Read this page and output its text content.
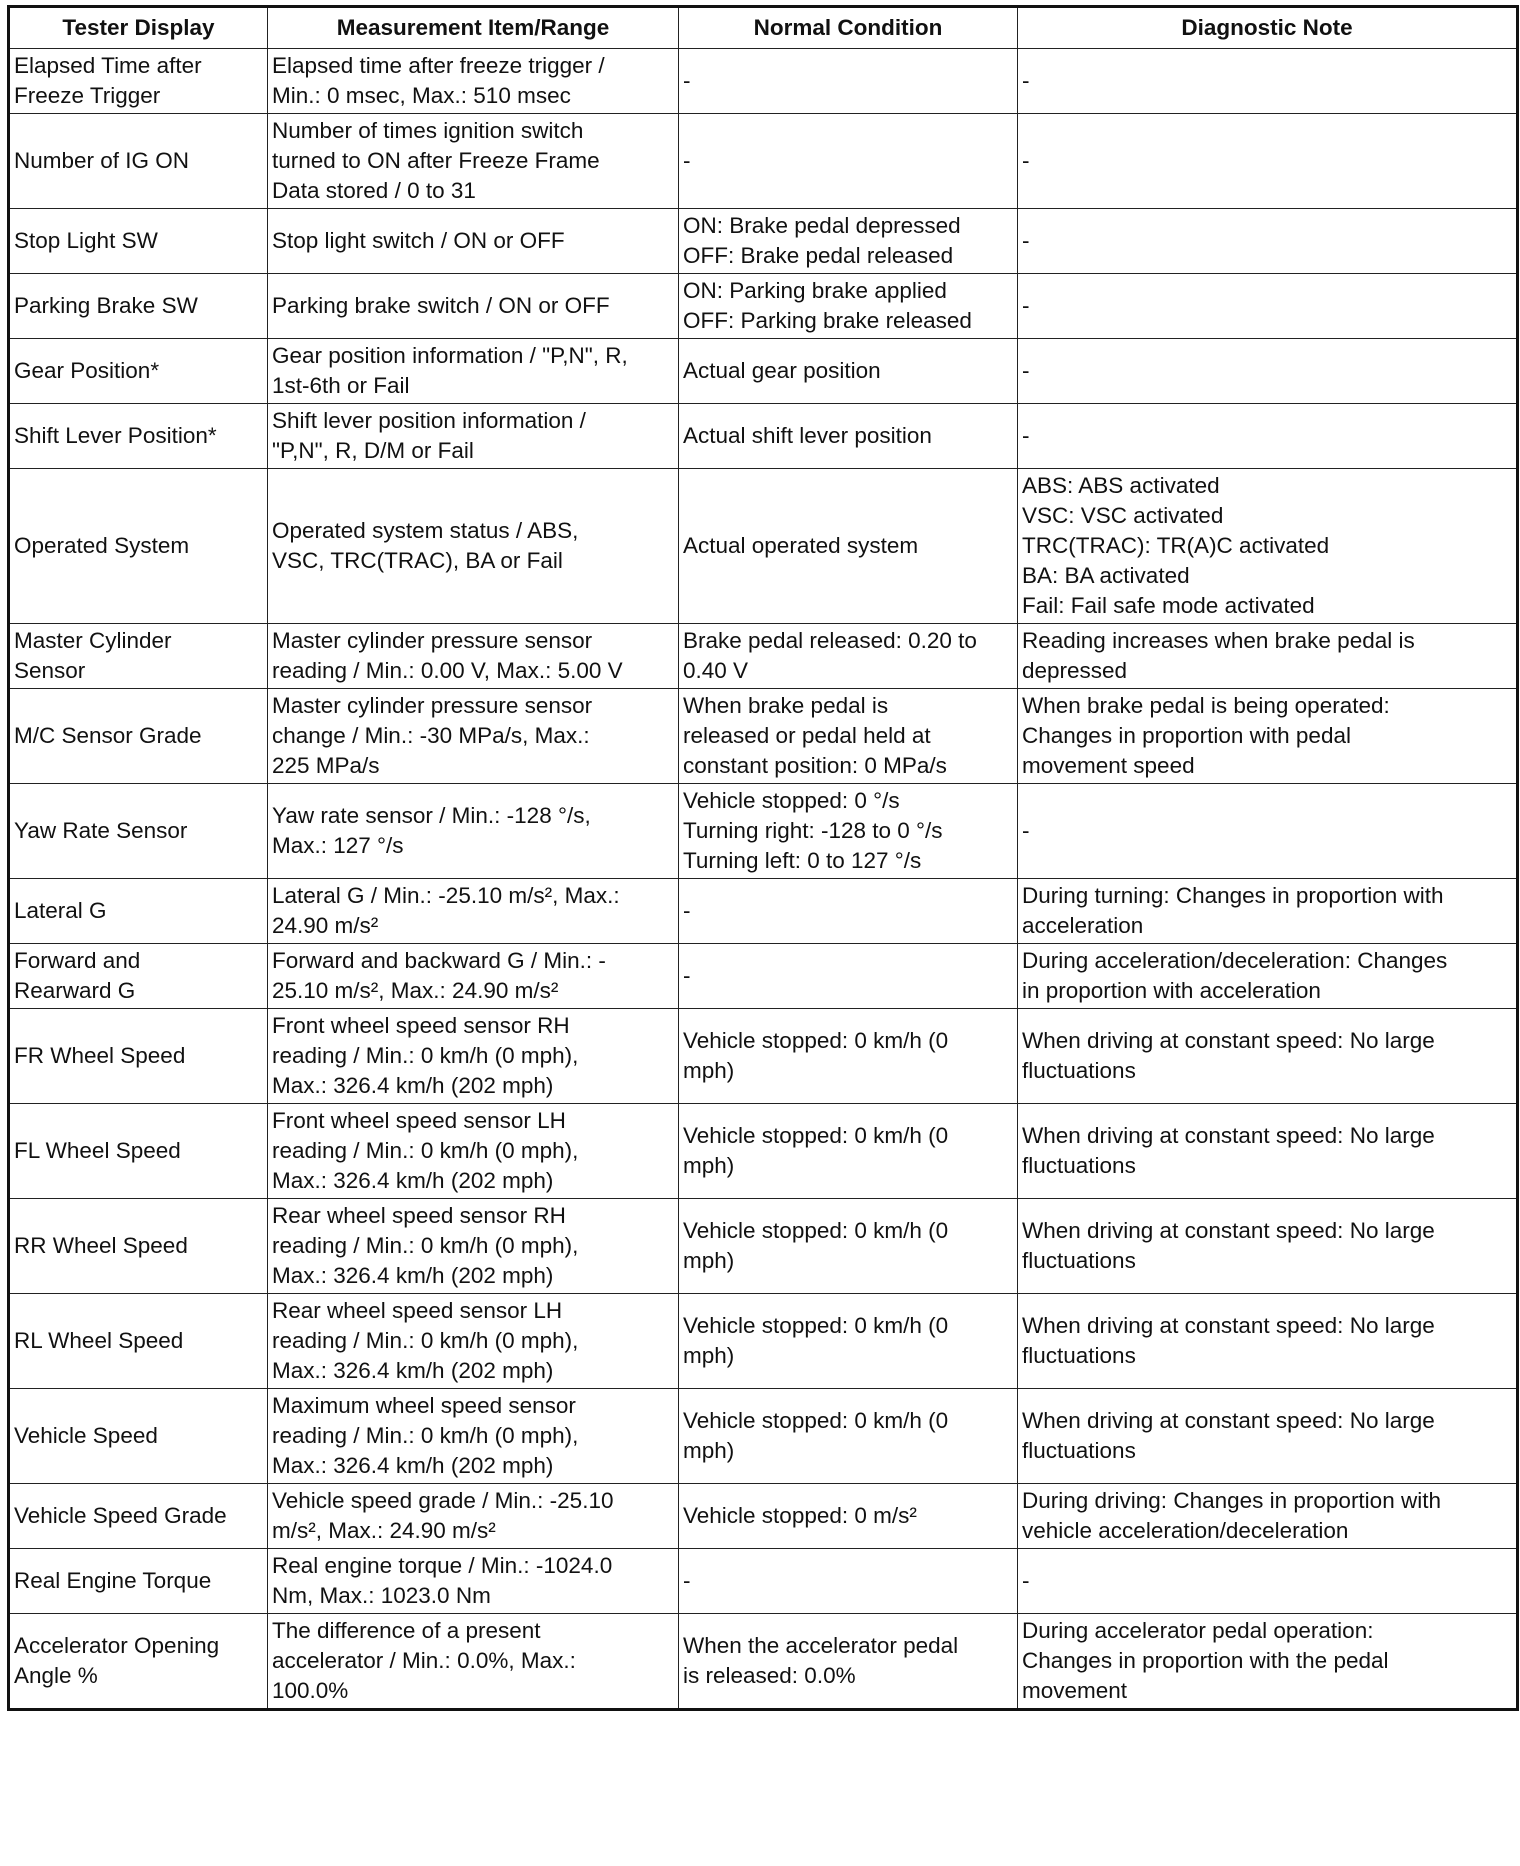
Tester Display	Measurement Item/Range	Normal Condition	Diagnostic Note
Elapsed Time after
Freeze Trigger	Elapsed time after freeze trigger /
Min.: 0 msec, Max.: 510 msec	-	-
Number of IG ON	Number of times ignition switch
turned to ON after Freeze Frame
Data stored / 0 to 31	-	-
Stop Light SW	Stop light switch / ON or OFF	ON: Brake pedal depressed
OFF: Brake pedal released	-
Parking Brake SW	Parking brake switch / ON or OFF	ON: Parking brake applied
OFF: Parking brake released	-
Gear Position*	Gear position information / "P,N", R,
1st-6th or Fail	Actual gear position	-
Shift Lever Position*	Shift lever position information /
"P,N", R, D/M or Fail	Actual shift lever position	-
Operated System	Operated system status / ABS,
VSC, TRC(TRAC), BA or Fail	Actual operated system	ABS: ABS activated
VSC: VSC activated
TRC(TRAC): TR(A)C activated
BA: BA activated
Fail: Fail safe mode activated
Master Cylinder
Sensor	Master cylinder pressure sensor
reading / Min.: 0.00 V, Max.: 5.00 V	Brake pedal released: 0.20 to
0.40 V	Reading increases when brake pedal is
depressed
M/C Sensor Grade	Master cylinder pressure sensor
change / Min.: -30 MPa/s, Max.:
225 MPa/s	When brake pedal is
released or pedal held at
constant position: 0 MPa/s	When brake pedal is being operated:
Changes in proportion with pedal
movement speed
Yaw Rate Sensor	Yaw rate sensor / Min.: -128 °/s,
Max.: 127 °/s	Vehicle stopped: 0 °/s
Turning right: -128 to 0 °/s
Turning left: 0 to 127 °/s	-
Lateral G	Lateral G / Min.: -25.10 m/s², Max.:
24.90 m/s²	-	During turning: Changes in proportion with
acceleration
Forward and
Rearward G	Forward and backward G / Min.: -
25.10 m/s², Max.: 24.90 m/s²	-	During acceleration/deceleration: Changes
in proportion with acceleration
FR Wheel Speed	Front wheel speed sensor RH
reading / Min.: 0 km/h (0 mph),
Max.: 326.4 km/h (202 mph)	Vehicle stopped: 0 km/h (0
mph)	When driving at constant speed: No large
fluctuations
FL Wheel Speed	Front wheel speed sensor LH
reading / Min.: 0 km/h (0 mph),
Max.: 326.4 km/h (202 mph)	Vehicle stopped: 0 km/h (0
mph)	When driving at constant speed: No large
fluctuations
RR Wheel Speed	Rear wheel speed sensor RH
reading / Min.: 0 km/h (0 mph),
Max.: 326.4 km/h (202 mph)	Vehicle stopped: 0 km/h (0
mph)	When driving at constant speed: No large
fluctuations
RL Wheel Speed	Rear wheel speed sensor LH
reading / Min.: 0 km/h (0 mph),
Max.: 326.4 km/h (202 mph)	Vehicle stopped: 0 km/h (0
mph)	When driving at constant speed: No large
fluctuations
Vehicle Speed	Maximum wheel speed sensor
reading / Min.: 0 km/h (0 mph),
Max.: 326.4 km/h (202 mph)	Vehicle stopped: 0 km/h (0
mph)	When driving at constant speed: No large
fluctuations
Vehicle Speed Grade	Vehicle speed grade / Min.: -25.10
m/s², Max.: 24.90 m/s²	Vehicle stopped: 0 m/s²	During driving: Changes in proportion with
vehicle acceleration/deceleration
Real Engine Torque	Real engine torque / Min.: -1024.0
Nm, Max.: 1023.0 Nm	-	-
Accelerator Opening
Angle %	The difference of a present
accelerator / Min.: 0.0%, Max.:
100.0%	When the accelerator pedal
is released: 0.0%	During accelerator pedal operation:
Changes in proportion with the pedal
movement
